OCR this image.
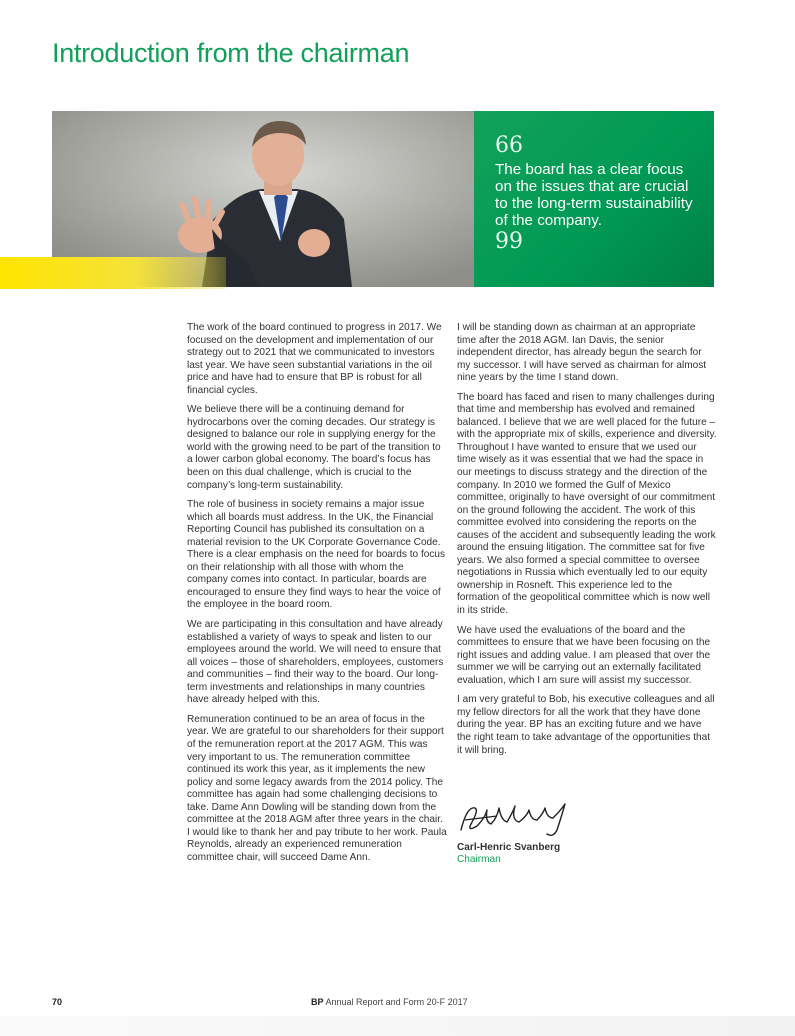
Introduction from the chairman
66
The board has a clear focus on the issues that are crucial to the long-term sustainability of the company.
99

The work of the board continued to progress in 2017. We focused on the development and implementation of our strategy out to 2021 that we communicated to investors last year. We have seen substantial variations in the oil price and have had to ensure that BP is robust for all financial cycles.

We believe there will be a continuing demand for hydrocarbons over the coming decades. Our strategy is designed to balance our role in supplying energy for the world with the growing need to be part of the transition to a lower carbon global economy. The board’s focus has been on this dual challenge, which is crucial to the company’s long-term sustainability.

The role of business in society remains a major issue which all boards must address. In the UK, the Financial Reporting Council has published its consultation on a material revision to the UK Corporate Governance Code. There is a clear emphasis on the need for boards to focus on their relationship with all those with whom the company comes into contact. In particular, boards are encouraged to ensure they find ways to hear the voice of the employee in the board room.

We are participating in this consultation and have already established a variety of ways to speak and listen to our employees around the world. We will need to ensure that all voices – those of shareholders, employees, customers and communities – find their way to the board. Our long-term investments and relationships in many countries have already helped with this.

Remuneration continued to be an area of focus in the year. We are grateful to our shareholders for their support of the remuneration report at the 2017 AGM. This was very important to us. The remuneration committee continued its work this year, as it implements the new policy and some legacy awards from the 2014 policy. The committee has again had some challenging decisions to take. Dame Ann Dowling will be standing down from the committee at the 2018 AGM after three years in the chair. I would like to thank her and pay tribute to her work. Paula Reynolds, already an experienced remuneration committee chair, will succeed Dame Ann.

I will be standing down as chairman at an appropriate time after the 2018 AGM. Ian Davis, the senior independent director, has already begun the search for my successor. I will have served as chairman for almost nine years by the time I stand down.

The board has faced and risen to many challenges during that time and membership has evolved and remained balanced. I believe that we are well placed for the future – with the appropriate mix of skills, experience and diversity. Throughout I have wanted to ensure that we used our time wisely as it was essential that we had the space in our meetings to discuss strategy and the direction of the company. In 2010 we formed the Gulf of Mexico committee, originally to have oversight of our commitment on the ground following the accident. The work of this committee evolved into considering the reports on the causes of the accident and subsequently leading the work around the ensuing litigation. The committee sat for five years. We also formed a special committee to oversee negotiations in Russia which eventually led to our equity ownership in Rosneft. This experience led to the formation of the geopolitical committee which is now well in its stride.

We have used the evaluations of the board and the committees to ensure that we have been focusing on the right issues and adding value. I am pleased that over the summer we will be carrying out an externally facilitated evaluation, which I am sure will assist my successor.

I am very grateful to Bob, his executive colleagues and all my fellow directors for all the work that they have done during the year. BP has an exciting future and we have the right team to take advantage of the opportunities that it will bring.

Carl-Henric Svanberg
Chairman
70	BP Annual Report and Form 20-F 2017
